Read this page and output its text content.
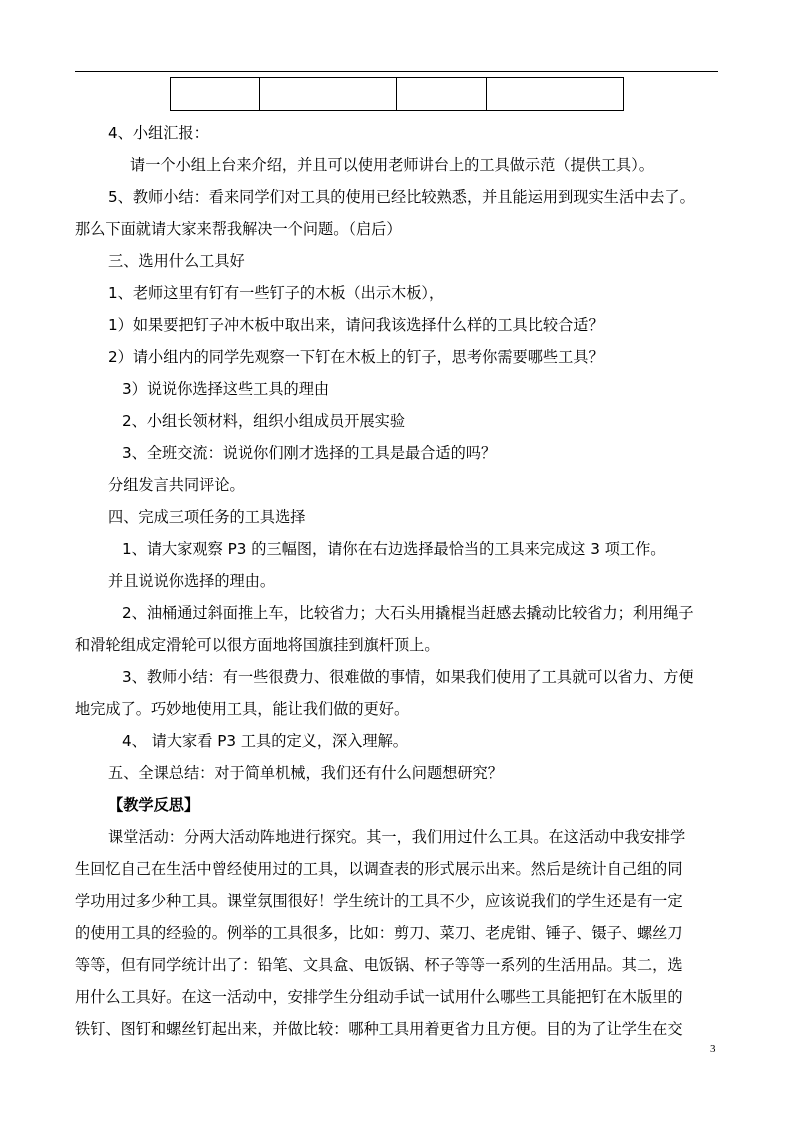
4、小组汇报：
请一个小组上台来介绍，并且可以使用老师讲台上的工具做示范（提供工具）。
5、教师小结：看来同学们对工具的使用已经比较熟悉，并且能运用到现实生活中去了。
那么下面就请大家来帮我解决一个问题。（启后）
三、选用什么工具好
1、老师这里有钉有一些钉子的木板（出示木板），
1）如果要把钉子冲木板中取出来，请问我该选择什么样的工具比较合适？
2）请小组内的同学先观察一下钉在木板上的钉子，思考你需要哪些工具？
3）说说你选择这些工具的理由
2、小组长领材料，组织小组成员开展实验
3、全班交流：说说你们刚才选择的工具是最合适的吗？
分组发言共同评论。
四、完成三项任务的工具选择
1、请大家观察 P3 的三幅图，请你在右边选择最恰当的工具来完成这 3 项工作。
并且说说你选择的理由。
2、油桶通过斜面推上车，比较省力；大石头用撬棍当赶感去撬动比较省力；利用绳子
和滑轮组成定滑轮可以很方面地将国旗挂到旗杆顶上。
3、教师小结：有一些很费力、很难做的事情，如果我们使用了工具就可以省力、方便
地完成了。巧妙地使用工具，能让我们做的更好。
4、 请大家看 P3 工具的定义，深入理解。
五、全课总结：对于简单机械，我们还有什么问题想研究？
【教学反思】
课堂活动：分两大活动阵地进行探究。其一，我们用过什么工具。在这活动中我安排学
生回忆自己在生活中曾经使用过的工具，以调查表的形式展示出来。然后是统计自己组的同
学功用过多少种工具。课堂氛围很好！学生统计的工具不少，应该说我们的学生还是有一定
的使用工具的经验的。例举的工具很多，比如：剪刀、菜刀、老虎钳、锤子、镊子、螺丝刀
等等，但有同学统计出了：铅笔、文具盒、电饭锅、杯子等等一系列的生活用品。其二，选
用什么工具好。在这一活动中，安排学生分组动手试一试用什么哪些工具能把钉在木版里的
铁钉、图钉和螺丝钉起出来，并做比较：哪种工具用着更省力且方便。目的为了让学生在交
3
